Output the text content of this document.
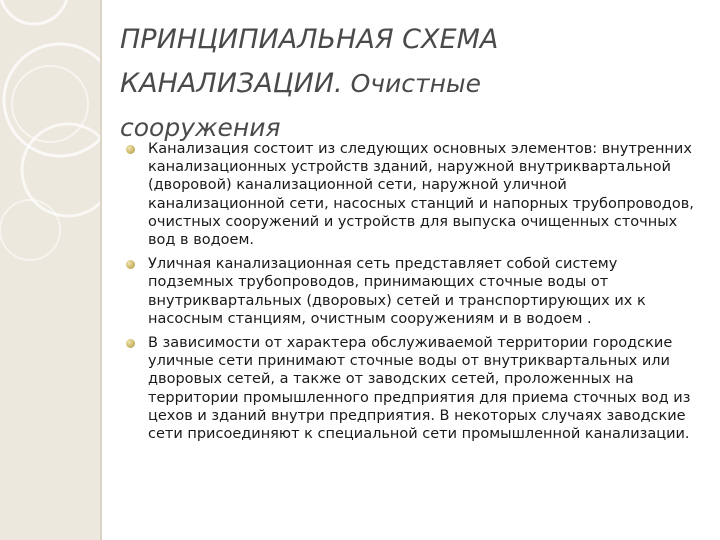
ПРИНЦИПИАЛЬНАЯ СХЕМА
КАНАЛИЗАЦИИ. Очистные
сооружения
Канализация состоит из следующих основных элементов: внутренних канализационных устройств зданий, наружной внутриквартальной (дворовой) канализационной сети, наружной уличной канализационной сети, насосных станций и напорных трубопроводов, очистных сооружений и устройств для выпуска очищенных сточных вод в водоем.
Уличная канализационная сеть представляет собой систему подземных трубопроводов, принимающих сточные воды от внутриквартальных (дворовых) сетей и транспортирующих их к насосным станциям, очистным сооружениям и в водоем .
В зависимости от характера обслуживаемой территории городские уличные сети принимают сточные воды от внутриквартальных или дворовых сетей, а также от заводских сетей, проложенных на территории промышленного предприятия для приема сточных вод из цехов и зданий внутри предприятия. В некоторых случаях заводские сети присоединяют к специальной сети промышленной канализации.
